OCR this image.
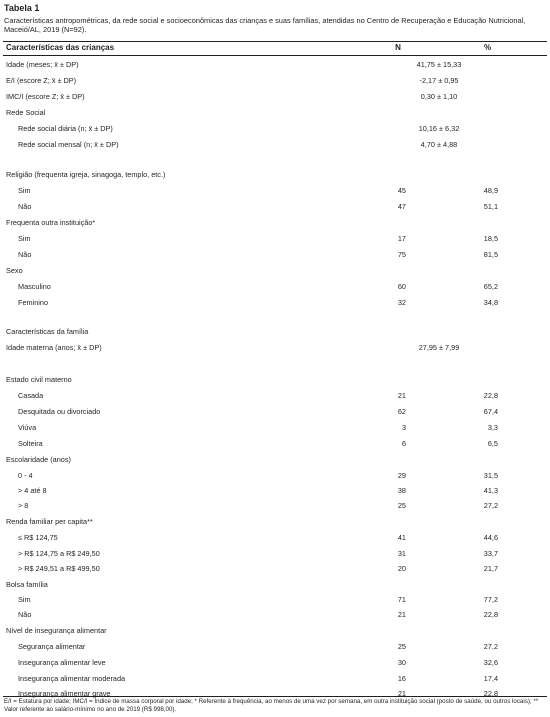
Tabela 1
Características antropométricas, da rede social e socioeconômicas das crianças e suas famílias, atendidas no Centro de Recuperação e Educação Nutricional, Maceió/AL, 2019 (N=92).
Características das crianças	N	%
Idade (meses; x̄ ± DP)	41,75 ± 15,33
E/I (escore Z; x̄ ± DP)	-2,17 ± 0,95
IMC/I (escore Z; x̄ ± DP)	0,30 ± 1,10
Rede Social
Rede social diária (n; x̄ ± DP)	10,16 ± 6,32
Rede social mensal (n; x̄ ± DP)	4,70 ± 4,88
Religião (frequenta igreja, sinagoga, templo, etc.)
Sim	45	48,9
Não	47	51,1
Frequenta outra instituição*
Sim	17	18,5
Não	75	81,5
Sexo
Masculino	60	65,2
Feminino	32	34,8
Características da família
Idade materna (anos; x̄ ± DP)	27,95 ± 7,99
Estado civil materno
Casada	21	22,8
Desquitada ou divorciado	62	67,4
Viúva	3	3,3
Solteira	6	6,5
Escolaridade (anos)
0 - 4	29	31,5
> 4 até 8	38	41,3
> 8	25	27,2
Renda familiar per capita**
≤ R$ 124,75	41	44,6
> R$ 124,75 a R$ 249,50	31	33,7
> R$ 249,51 a R$ 499,50	20	21,7
Bolsa família
Sim	71	77,2
Não	21	22,8
Nível de insegurança alimentar
Segurança alimentar	25	27,2
Insegurança alimentar leve	30	32,6
Insegurança alimentar moderada	16	17,4
Insegurança alimentar grave	21	22,8
E/I = Estatura por idade; IMC/I = Índice de massa corporal por idade; * Referente à frequência, ao menos de uma vez por semana, em outra instituição social (posto de saúde, ou outros locais); ** Valor referente ao salário-mínimo no ano de 2019 (R$ 998,00).
